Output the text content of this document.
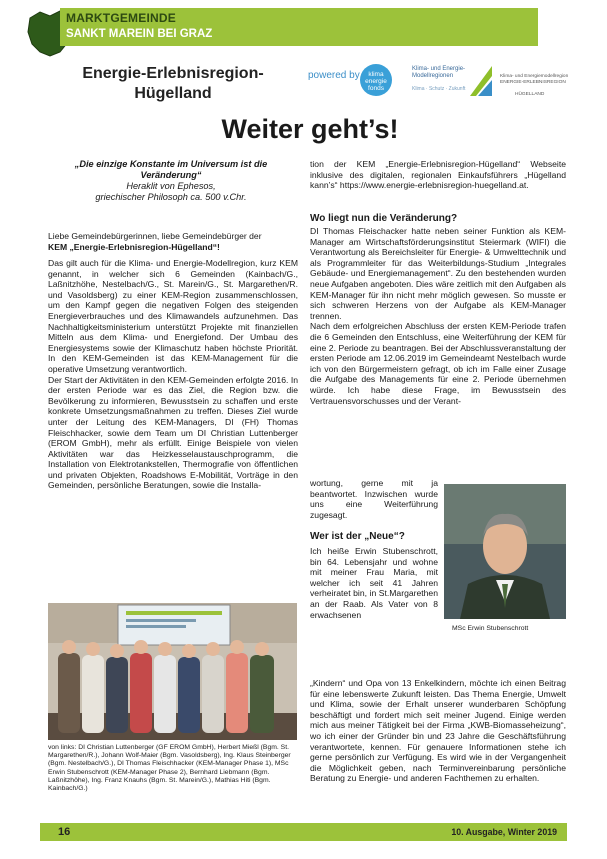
MARKTGEMEINDE
SANKT MAREIN BEI GRAZ
Energie-Erlebnisregion-Hügelland
powered by	klima energie fonds
Klima- und Energie-Modellregionen
Klima · Schutz · Zukunft
Klima- und Energiemodellregion ENERGIE-ERLEBNISREGION
HÜGELLAND
Weiter geht’s!
„Die einzige Konstante im Universum ist die Veränderung“
Heraklit von Ephesos,
griechischer Philosoph ca. 500 v.Chr.
Liebe Gemeindebürgerinnen, liebe Gemeindebürger der
KEM „Energie-Erlebnisregion-Hügelland“!

Das gilt auch für die Klima- und Energie-Modellregion, kurz KEM genannt, in welcher sich 6 Gemeinden (Kainbach/G., Laßnitzhöhe, Nestelbach/G., St. Marein/G., St. Margarethen/R. und Vasoldsberg) zu einer KEM-Region zusammenschlossen, um den Kampf gegen die negativen Folgen des steigenden Energieverbrauches und des Klimawandels aufzunehmen. Das Nachhaltigkeitsministerium unterstützt Projekte mit finanziellen Mitteln aus dem Klima- und Energiefond. Der Umbau des Energiesystems sowie der Klimaschutz haben höchste Priorität. In den KEM-Gemeinden ist das KEM-Management für die operative Umsetzung verantwortlich.

Der Start der Aktivitäten in den KEM-Gemeinden erfolgte 2016. In der ersten Periode war es das Ziel, die Region bzw. die Bevölkerung zu informieren, Bewusstsein zu schaffen und erste konkrete Umsetzungsmaßnahmen zu treffen. Dieses Ziel wurde unter der Leitung des KEM-Managers, DI (FH) Thomas Fleischhacker, sowie dem Team um DI Christian Luttenberger (EROM GmbH), mehr als erfüllt. Einige Beispiele von vielen Aktivitäten war das Heizkesselaustauschprogramm, die Installation von Elektrotankstellen, Thermografie von öffentlichen und privaten Objekten, Roadshows E-Mobilität, Vorträge in den Gemeinden, persönliche Beratungen, sowie die Installa-

von links: DI Christian Luttenberger (GF EROM GmbH), Herbert Mießl (Bgm. St. Margarethen/R.), Johann Wolf-Maier (Bgm. Vasoldsberg), Ing. Klaus Steinberger (Bgm. Nestelbach/G.), DI Thomas Fleischhacker (KEM-Manager Phase 1), MSc Erwin Stubenschrott (KEM-Manager Phase 2), Bernhard Liebmann (Bgm. Laßnitzhöhe), Ing. Franz Knauhs (Bgm. St. Marein/G.), Mathias Hiti (Bgm. Kainbach/G.)
tion der KEM „Energie-Erlebnisregion-Hügelland“ Webseite inklusive des digitalen, regionalen Einkaufsführers „Hügelland kann’s“ https://www.energie-erlebnisregion-huegelland.at.
Wo liegt nun die Veränderung?

DI Thomas Fleischacker hatte neben seiner Funktion als KEM-Manager am Wirtschaftsförderungsinstitut Steiermark (WIFI) die Verantwortung als Bereichsleiter für Energie- & Umwelttechnik und als Programmleiter für das Weiterbildungs-Studium „Integrales Gebäude- und Energiemanagement“. Zu den bestehenden wurden neue Aufgaben angeboten. Dies wäre zeitlich mit den Aufgaben als KEM-Manager für ihn nicht mehr möglich gewesen. So musste er sich schweren Herzens von der Aufgabe als KEM-Manager trennen.

Nach dem erfolgreichen Abschluss der ersten KEM-Periode trafen die 6 Gemeinden den Entschluss, eine Weiterführung der KEM für eine 2. Periode zu beantragen. Bei der Abschlussveranstaltung der ersten Periode am 12.06.2019 im Gemeindeamt Nestelbach wurde ich von den Bürgermeistern gefragt, ob ich im Falle einer Zusage die Aufgabe des Managements für eine 2. Periode übernehmen würde. Ich habe diese Frage, im Bewusstsein des Vertrauensvorschusses und der Verant-

wortung, gerne mit ja beantwortet. Inzwischen wurde uns eine Weiterführung zugesagt.
Wer ist der „Neue“?
Ich heiße Erwin Stubenschrott, bin 64. Lebensjahr und wohne mit meiner Frau Maria, mit welcher ich seit 41 Jahren verheiratet bin, in St.Margarethen an der Raab. Als Vater von 8 erwachsenen
MSc Erwin Stubenschrott
„Kindern“ und Opa von 13 Enkelkindern, möchte ich einen Beitrag für eine lebenswerte Zukunft leisten. Das Thema Energie, Umwelt und Klima, sowie der Erhalt unserer wunderbaren Schöpfung beschäftigt und fordert mich seit meiner Jugend. Einige werden mich aus meiner Tätigkeit bei der Firma „KWB-Biomasseheizung“, wo ich einer der Gründer bin und 23 Jahre die Geschäftsführung verantwortete, kennen. Für genauere Informationen stehe ich gerne persönlich zur Verfügung. Es wird wie in der Vergangenheit die Möglichkeit geben, nach Terminvereinbarung persönliche Beratung zu Energie- und anderen Fachthemen zu erhalten.
16	10. Ausgabe, Winter 2019
